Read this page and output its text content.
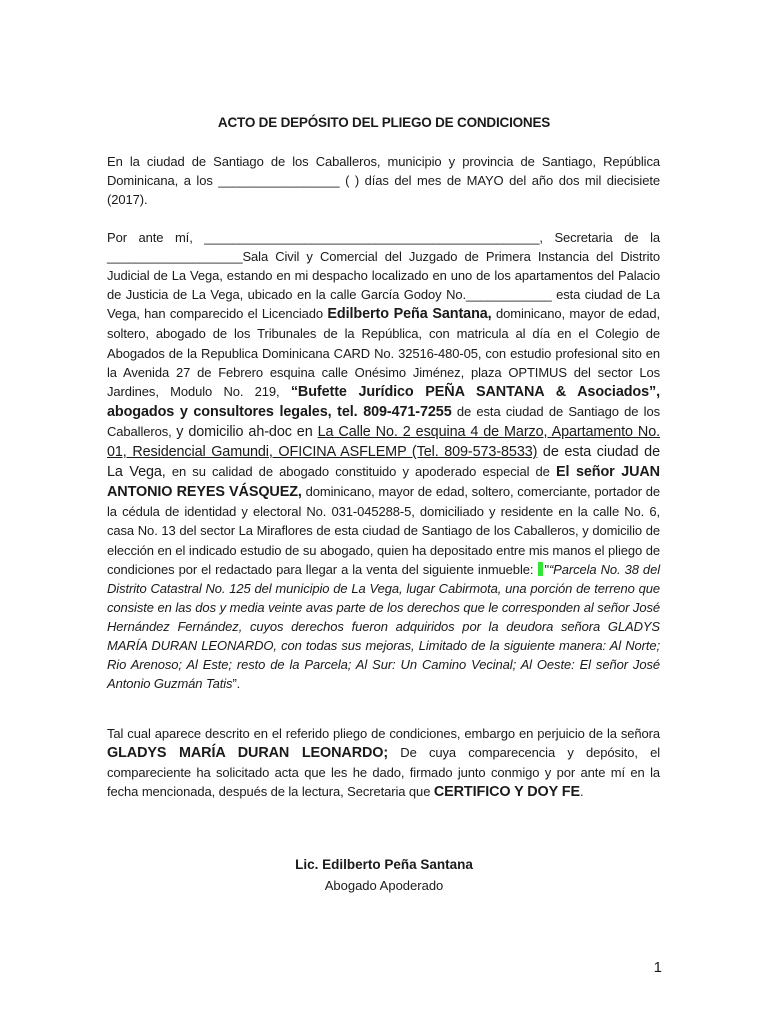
ACTO DE DEPÓSITO DEL PLIEGO DE CONDICIONES
En la ciudad de Santiago de los Caballeros, municipio y provincia de Santiago, República Dominicana, a los _________________ ( ) días del mes de MAYO del año dos mil diecisiete (2017).
Por ante mí, _______________________________________________, Secretaria de la ___________________Sala Civil y Comercial del Juzgado de Primera Instancia del Distrito Judicial de La Vega, estando en mi despacho localizado en uno de los apartamentos del Palacio de Justicia de La Vega, ubicado en la calle García Godoy No.____________ esta ciudad de La Vega, han comparecido el Licenciado Edilberto Peña Santana, dominicano, mayor de edad, soltero, abogado de los Tribunales de la República, con matricula al día en el Colegio de Abogados de la Republica Dominicana CARD No. 32516-480-05, con estudio profesional sito en la Avenida 27 de Febrero esquina calle Onésimo Jiménez, plaza OPTIMUS del sector Los Jardines, Modulo No. 219, “Bufette Jurídico PEÑA SANTANA & Asociados”, abogados y consultores legales, tel. 809-471-7255 de esta ciudad de Santiago de los Caballeros, y domicilio ah-doc en La Calle No. 2 esquina 4 de Marzo, Apartamento No. 01, Residencial Gamundi, OFICINA ASFLEMP (Tel. 809-573-8533) de esta ciudad de La Vega, en su calidad de abogado constituido y apoderado especial de El señor JUAN ANTONIO REYES VÁSQUEZ, dominicano, mayor de edad, soltero, comerciante, portador de la cédula de identidad y electoral No. 031-045288-5, domiciliado y residente en la calle No. 6, casa No. 13 del sector La Miraflores de esta ciudad de Santiago de los Caballeros, y domicilio de elección en el indicado estudio de su abogado, quien ha depositado entre mis manos el pliego de condiciones por el redactado para llegar a la venta del siguiente inmueble: "“Parcela No. 38 del Distrito Catastral No. 125 del municipio de La Vega, lugar Cabirmota, una porción de terreno que consiste en las dos y media veinte avas parte de los derechos que le corresponden al señor José Hernández Fernández, cuyos derechos fueron adquiridos por la deudora señora GLADYS MARÍA DURAN LEONARDO, con todas sus mejoras, Limitado de la siguiente manera: Al Norte; Rio Arenoso; Al Este; resto de la Parcela; Al Sur: Un Camino Vecinal; Al Oeste: El señor José Antonio Guzmán Tatis”.
Tal cual aparece descrito en el referido pliego de condiciones, embargo en perjuicio de la señora GLADYS MARÍA DURAN LEONARDO; De cuya comparecencia y depósito, el compareciente ha solicitado acta que les he dado, firmado junto conmigo y por ante mí en la fecha mencionada, después de la lectura, Secretaria que CERTIFICO Y DOY FE.
Lic. Edilberto Peña Santana
Abogado Apoderado
1
